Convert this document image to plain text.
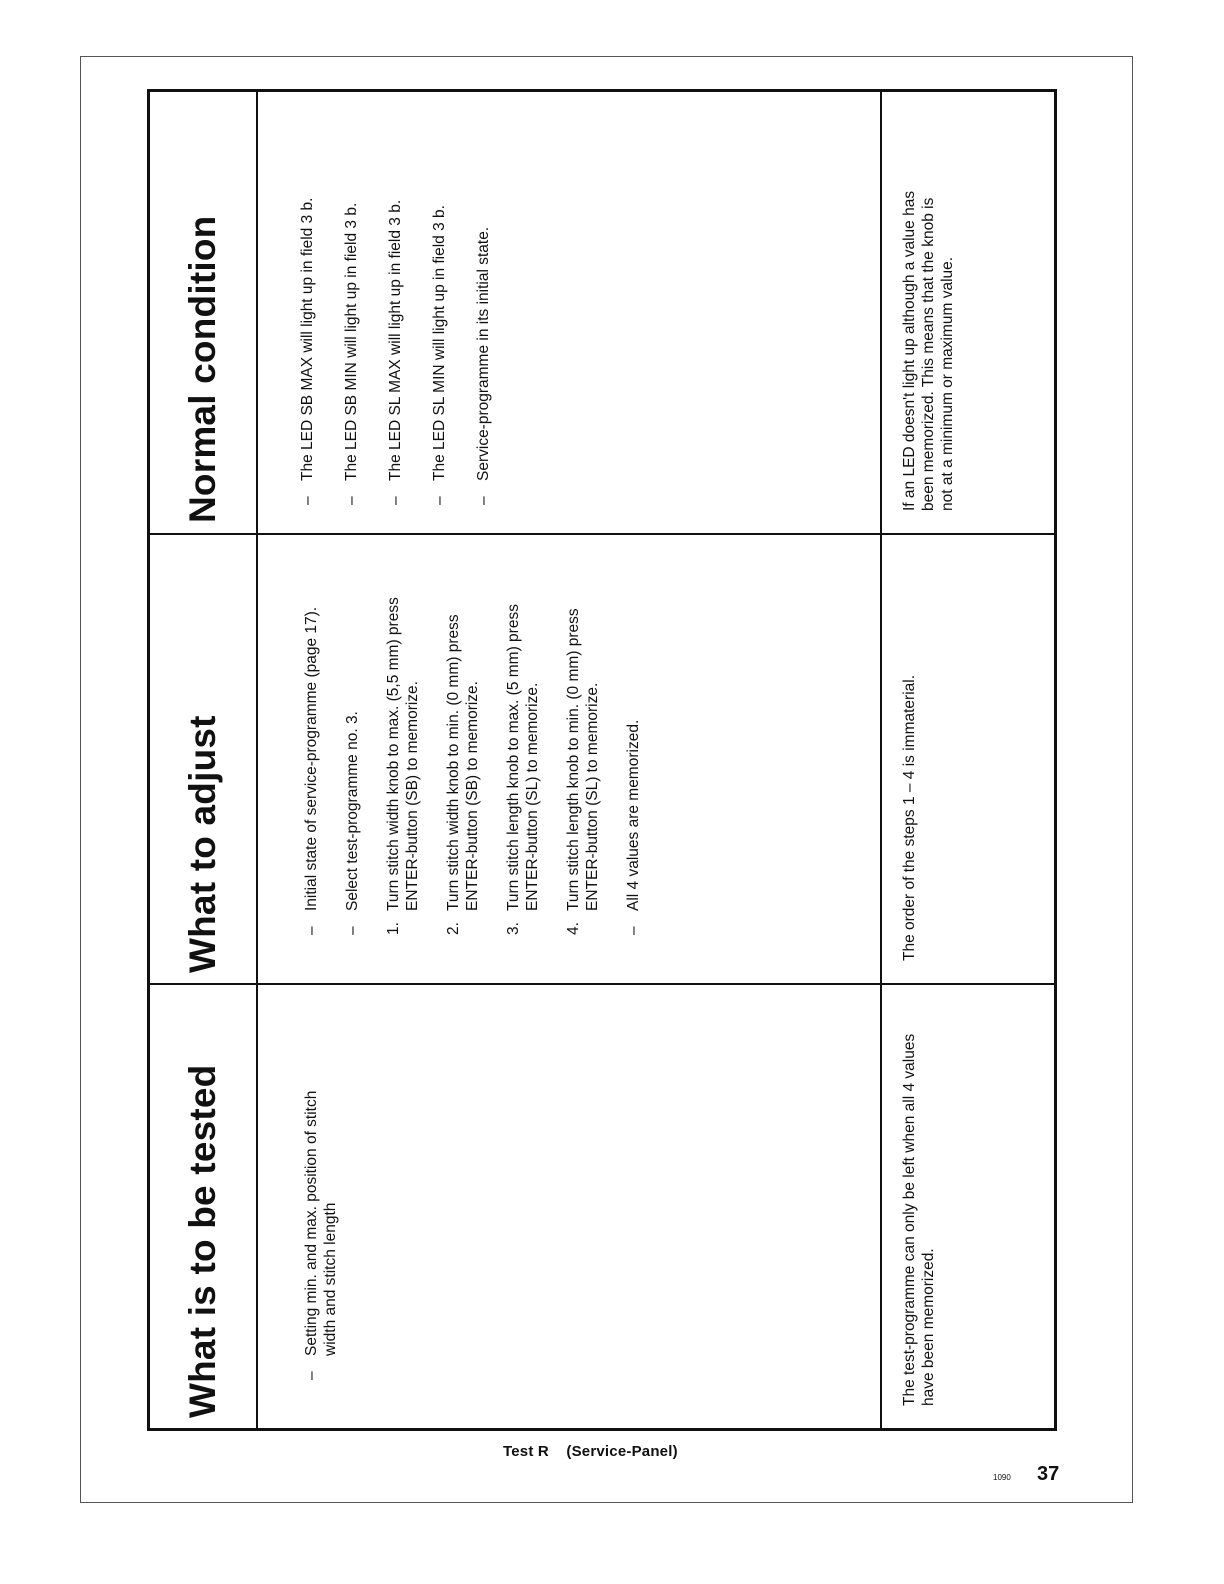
What is to be tested
What to adjust
Normal condition
–
Setting min. and max. position of stitch width and stitch length
–
Initial state of service-programme (page 17).
–
Select test-programme no. 3.
1.
Turn stitch width knob to max. (5,5 mm) press ENTER-button (SB) to memorize.
2.
Turn stitch width knob to min. (0 mm) press ENTER-button (SB) to memorize.
3.
Turn stitch length knob to max. (5 mm) press ENTER-button (SL) to memorize.
4.
Turn stitch length knob to min. (0 mm) press ENTER-button (SL) to memorize.
–
All 4 values are memorized.
–
The LED SB MAX will light up in field 3 b.
–
The LED SB MIN will light up in field 3 b.
–
The LED SL MAX will light up in field 3 b.
–
The LED SL MIN will light up in field 3 b.
–
Service-programme in its initial state.
The test-programme can only be left when all 4 values have been memorized.
The order of the steps 1 – 4 is immaterial.
If an LED doesn't light up although a value has been memorized. This means that the knob is not at a minimum or maximum value.
Test R    (Service-Panel)
1090 37
